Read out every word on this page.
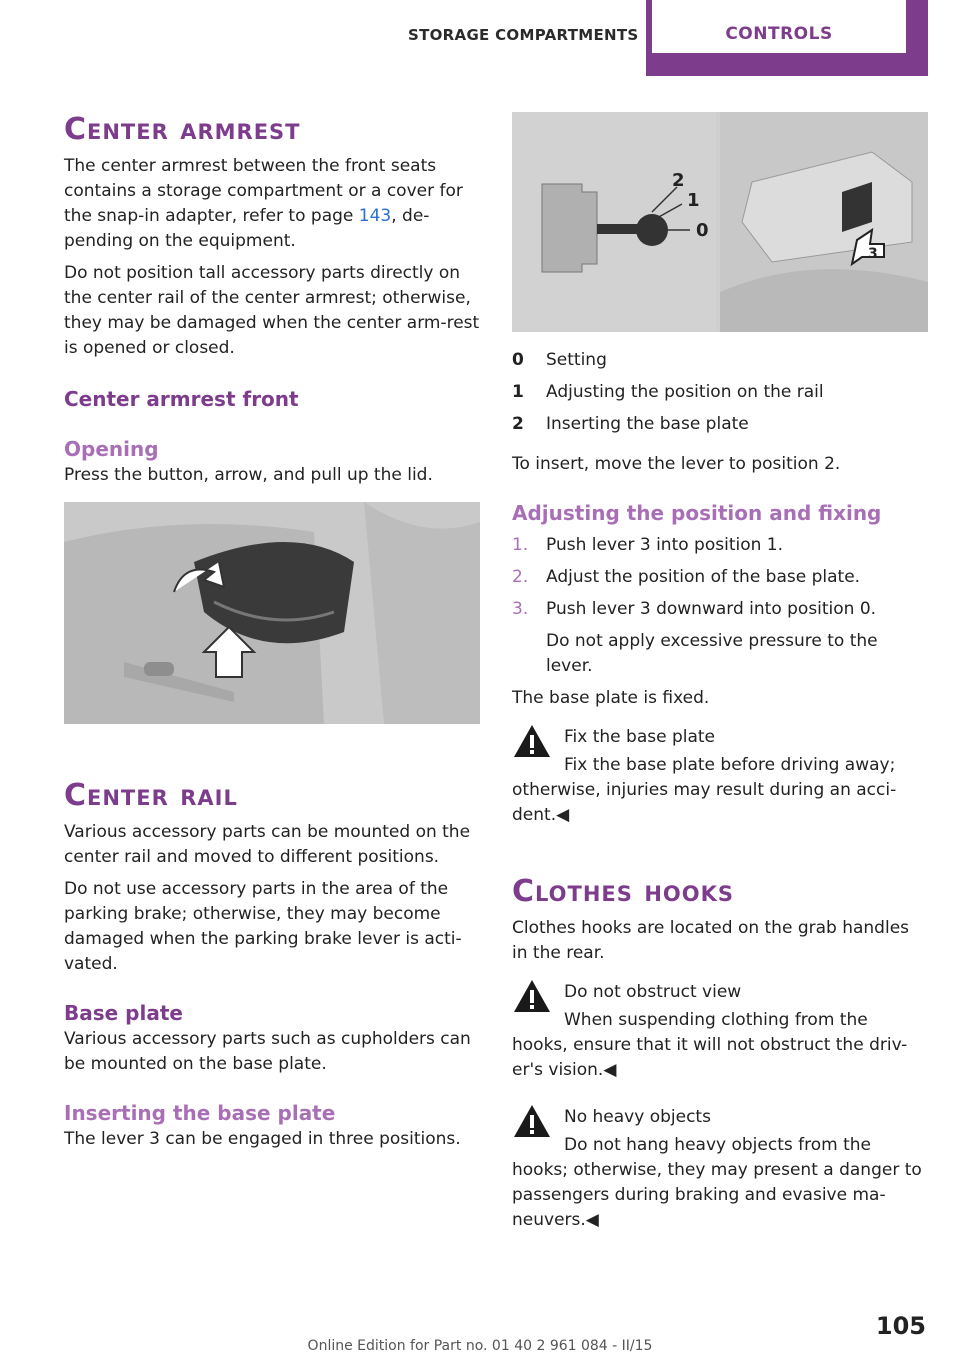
STORAGE COMPARTMENTS	CONTROLS
Center armrest

The center armrest between the front seats contains a storage compartment or a cover for the snap-in adapter, refer to page 143, de-pending on the equipment.

Do not position tall accessory parts directly on the center rail of the center armrest; otherwise, they may be damaged when the center arm-rest is opened or closed.

Center armrest front
Opening

Press the button, arrow, and pull up the lid.

Center rail

Various accessory parts can be mounted on the center rail and moved to different positions.

Do not use accessory parts in the area of the parking brake; otherwise, they may become damaged when the parking brake lever is acti-vated.

Base plate

Various accessory parts such as cupholders can be mounted on the base plate.

Inserting the base plate

The lever 3 can be engaged in three positions.

2
1
0
3
0	Setting
1	Adjusting the position on the rail
2	Inserting the base plate

To insert, move the lever to position 2.

Adjusting the position and fixing
1.	Push lever 3 into position 1.
2.	Adjust the position of the base plate.
3.	Push lever 3 downward into position 0.
Do not apply excessive pressure to the lever.

The base plate is fixed.

Fix the base plate

Fix the base plate before driving away; otherwise, injuries may result during an acci-dent.◀

Clothes hooks

Clothes hooks are located on the grab handles in the rear.

Do not obstruct view

When suspending clothing from the hooks, ensure that it will not obstruct the driv-er's vision.◀

No heavy objects

Do not hang heavy objects from the hooks; otherwise, they may present a danger to passengers during braking and evasive ma-neuvers.◀

105
Online Edition for Part no. 01 40 2 961 084 - II/15
